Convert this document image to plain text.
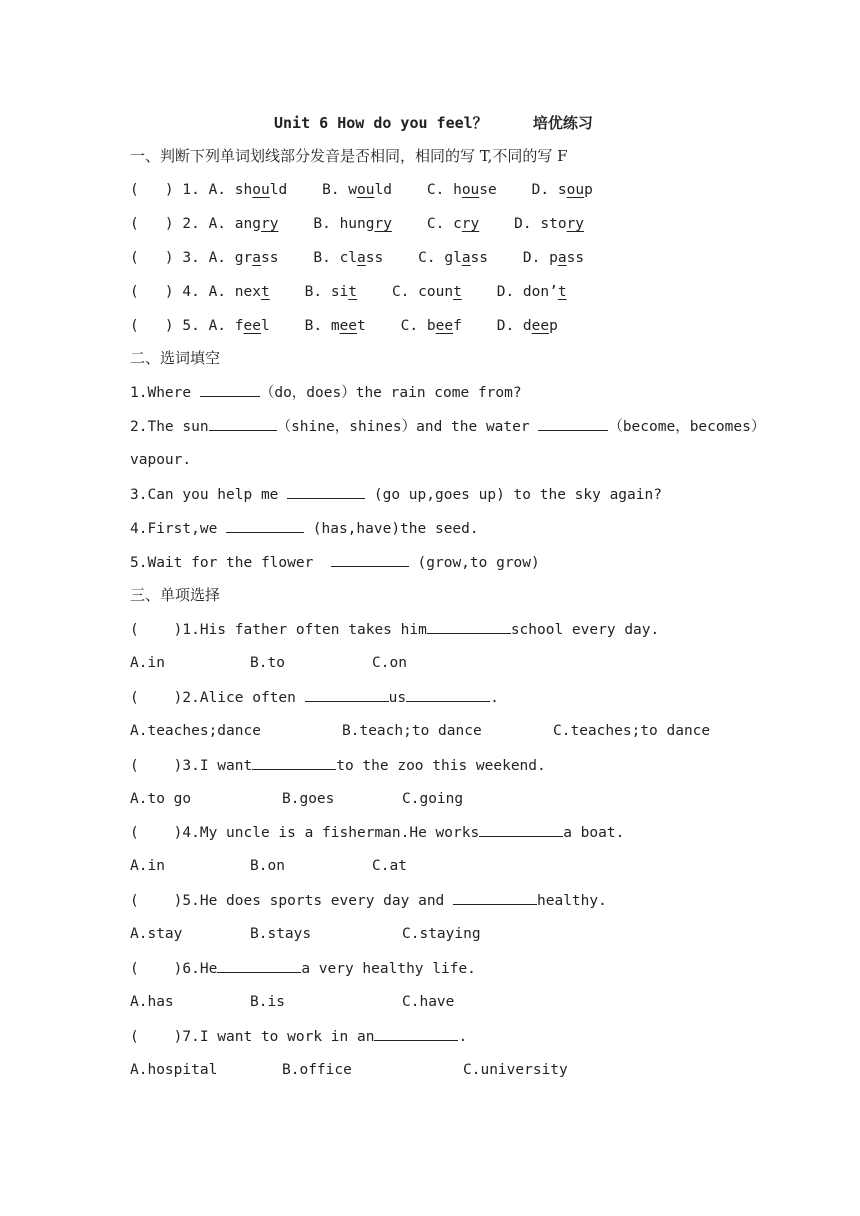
Unit 6 How do you feel？	培优练习
一、判断下列单词划线部分发音是否相同，相同的写 T,不同的写 F
(   ) 1. A. should    B. would    C. house    D. soup
(   ) 2. A. angry    B. hungry    C. cry    D. story
(   ) 3. A. grass    B. class    C. glass    D. pass
(   ) 4. A. next    B. sit    C. count    D. don’t
(   ) 5. A. feel    B. meet    C. beef    D. deep
二、选词填空
1.Where	（do，does）the rain come from?
2.The sun	（shine，shines）and the water	（become，becomes）
vapour.
3.Can you help me	(go up,goes up) to the sky again?
4.First,we	(has,have)the seed.
5.Wait for the flower	(grow,to grow)
三、单项选择
(    )1.His father often takes him	school every day.
A.in	B.to	C.on
(    )2.Alice often	us	.
A.teaches;dance	B.teach;to dance	C.teaches;to dance
(    )3.I want	to the zoo this weekend.
A.to go	B.goes	C.going
(    )4.My uncle is a fisherman.He works	a boat.
A.in	B.on	C.at
(    )5.He does sports every day and	healthy.
A.stay	B.stays	C.staying
(    )6.He	a very healthy life.
A.has	B.is	C.have
(    )7.I want to work in an	.
A.hospital	B.office	C.university
